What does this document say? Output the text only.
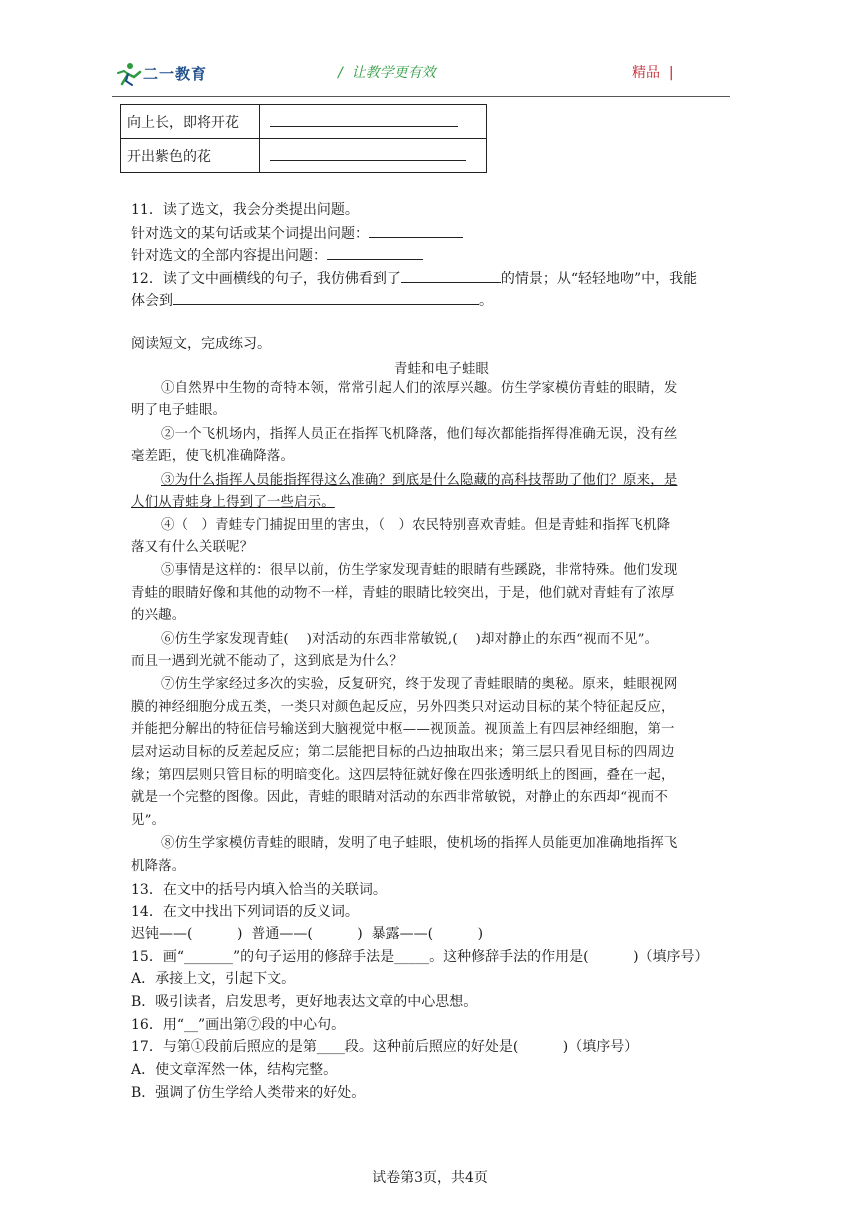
二一教育	/  让教学更有效	精品  |
向上长，即将开花	
开出紫色的花	
11．读了选文，我会分类提出问题。
针对选文的某句话或某个词提出问题：
针对选文的全部内容提出问题：
12．读了文中画横线的句子，我仿佛看到了	的情景；从“轻轻地吻”中，我能
体会到	。
阅读短文，完成练习。
青蛙和电子蛙眼
①自然界中生物的奇特本领，常常引起人们的浓厚兴趣。仿生学家模仿青蛙的眼睛，发
明了电子蛙眼。
②一个飞机场内，指挥人员正在指挥飞机降落，他们每次都能指挥得准确无误，没有丝
毫差距，使飞机准确降落。
③为什么指挥人员能指挥得这么准确？到底是什么隐藏的高科技帮助了他们？原来，是
人们从青蛙身上得到了一些启示。
④（   ）青蛙专门捕捉田里的害虫，（   ）农民特别喜欢青蛙。但是青蛙和指挥飞机降
落又有什么关联呢？
⑤事情是这样的：很早以前，仿生学家发现青蛙的眼睛有些蹊跷，非常特殊。他们发现
青蛙的眼睛好像和其他的动物不一样，青蛙的眼睛比较突出，于是，他们就对青蛙有了浓厚
的兴趣。
⑥仿生学家发现青蛙(    )对活动的东西非常敏锐,(    )却对静止的东西“视而不见”。
而且一遇到光就不能动了，这到底是为什么？
⑦仿生学家经过多次的实验，反复研究，终于发现了青蛙眼睛的奥秘。原来，蛙眼视网
膜的神经细胞分成五类，一类只对颜色起反应，另外四类只对运动目标的某个特征起反应，
并能把分解出的特征信号输送到大脑视觉中枢——视顶盖。视顶盖上有四层神经细胞，第一
层对运动目标的反差起反应；第二层能把目标的凸边抽取出来；第三层只看见目标的四周边
缘；第四层则只管目标的明暗变化。这四层特征就好像在四张透明纸上的图画，叠在一起，
就是一个完整的图像。因此，青蛙的眼睛对活动的东西非常敏锐，对静止的东西却“视而不
见”。
⑧仿生学家模仿青蛙的眼睛，发明了电子蛙眼，使机场的指挥人员能更加准确地指挥飞
机降落。
13．在文中的括号内填入恰当的关联词。
14．在文中找出下列词语的反义词。
迟钝——(          )  普通——(          )  暴露——(          )
15．画“_______”的句子运用的修辞手法是_____。这种修辞手法的作用是(          )（填序号）
A．承接上文，引起下文。
B．吸引读者，启发思考，更好地表达文章的中心思想。
16．用“__”画出第⑦段的中心句。
17．与第①段前后照应的是第____段。这种前后照应的好处是(          )（填序号）
A．使文章浑然一体，结构完整。
B．强调了仿生学给人类带来的好处。
试卷第3页，共4页
